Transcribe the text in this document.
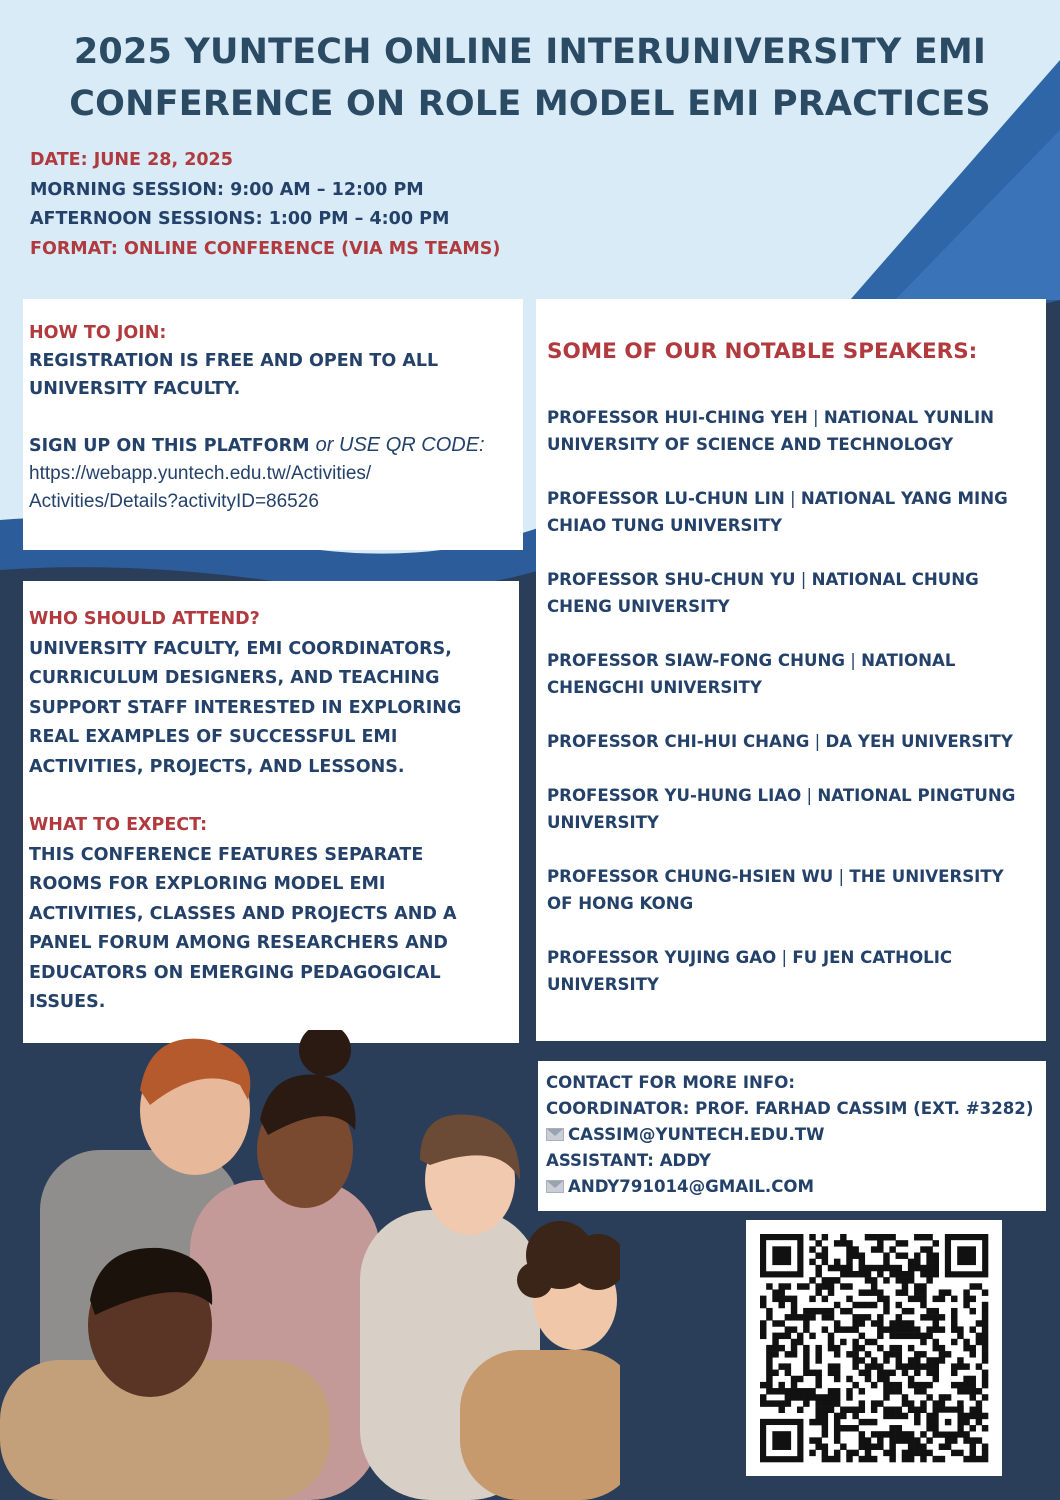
2025 YUNTECH ONLINE INTERUNIVERSITY EMI
CONFERENCE ON ROLE MODEL EMI PRACTICES
DATE: JUNE 28, 2025
MORNING SESSION: 9:00 AM – 12:00 PM
AFTERNOON SESSIONS: 1:00 PM – 4:00 PM
FORMAT: ONLINE CONFERENCE (VIA MS TEAMS)

HOW TO JOIN:

REGISTRATION IS FREE AND OPEN TO ALL

UNIVERSITY FACULTY.

SIGN UP ON THIS PLATFORM or USE QR CODE:

https://webapp.yuntech.edu.tw/Activities/
Activities/Details?activityID=86526

WHO SHOULD ATTEND?

UNIVERSITY FACULTY, EMI COORDINATORS,

CURRICULUM DESIGNERS, AND TEACHING

SUPPORT STAFF INTERESTED IN EXPLORING

REAL EXAMPLES OF SUCCESSFUL EMI

ACTIVITIES, PROJECTS, AND LESSONS.

WHAT TO EXPECT:

THIS CONFERENCE FEATURES SEPARATE

ROOMS FOR EXPLORING MODEL EMI

ACTIVITIES, CLASSES AND PROJECTS AND A

PANEL FORUM AMONG RESEARCHERS AND

EDUCATORS ON EMERGING PEDAGOGICAL

ISSUES.

SOME OF OUR NOTABLE SPEAKERS:
PROFESSOR HUI-CHING YEH | NATIONAL YUNLIN
UNIVERSITY OF SCIENCE AND TECHNOLOGY
PROFESSOR LU-CHUN LIN | NATIONAL YANG MING
CHIAO TUNG UNIVERSITY
PROFESSOR SHU-CHUN YU | NATIONAL CHUNG
CHENG UNIVERSITY
PROFESSOR SIAW-FONG CHUNG | NATIONAL
CHENGCHI UNIVERSITY
PROFESSOR CHI-HUI CHANG | DA YEH UNIVERSITY
PROFESSOR YU-HUNG LIAO | NATIONAL PINGTUNG
UNIVERSITY
PROFESSOR CHUNG-HSIEN WU | THE UNIVERSITY
OF HONG KONG
PROFESSOR YUJING GAO | FU JEN CATHOLIC
UNIVERSITY
CONTACT FOR MORE INFO:
COORDINATOR: PROF. FARHAD CASSIM (EXT. #3282)
CASSIM@YUNTECH.EDU.TW
ASSISTANT: ADDY
ANDY791014@GMAIL.COM
